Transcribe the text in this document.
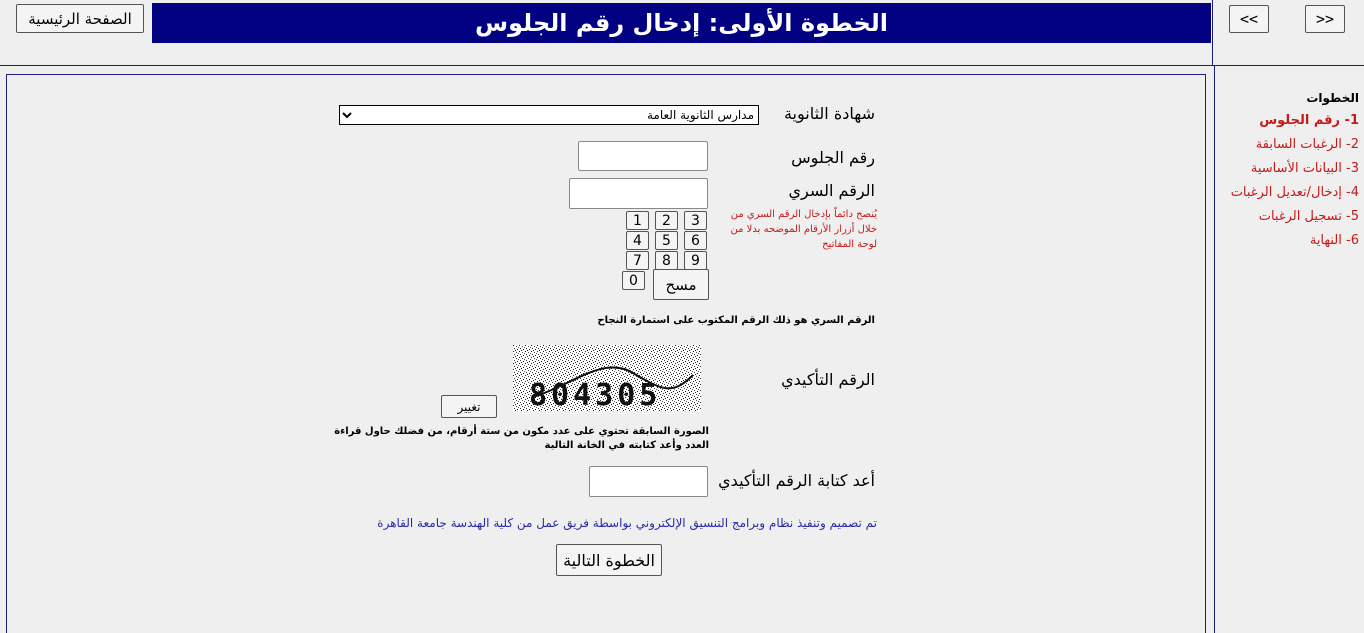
الصفحة الرئيسية	الخطوة الأولى: إدخال رقم الجلوس	<<	>>
الخطوات
1- رقم الجلوس
2- الرغبات السابقة
3- البيانات الأساسية
4- إدخال/تعديل الرغبات
5- تسجيل الرغبات
6- النهاية
شهادة الثانوية
مدارس الثانوية العامة
رقم الجلوس
الرقم السري
يُنصح دائماً بإدخال الرقم السري من خلال أزرار الأرقام الموضحه بدلا من لوحة المفاتيح
1	2	3
4	5	6
7	8	9
0	مسح
الرقم السري هو ذلك الرقم المكتوب على استمارة النجاح
الرقم التأكيدي
804305
تغيير
الصورة السابقة تحتوي على عدد مكون من ستة أرقام، من فضلك حاول قراءة العدد وأعد كتابته في الخانة التالية
أعد كتابة الرقم التأكيدي
تم تصميم وتنفيذ نظام وبرامج التنسيق الإلكتروني بواسطة فريق عمل من كلية الهندسة جامعة القاهرة
الخطوة التالية
